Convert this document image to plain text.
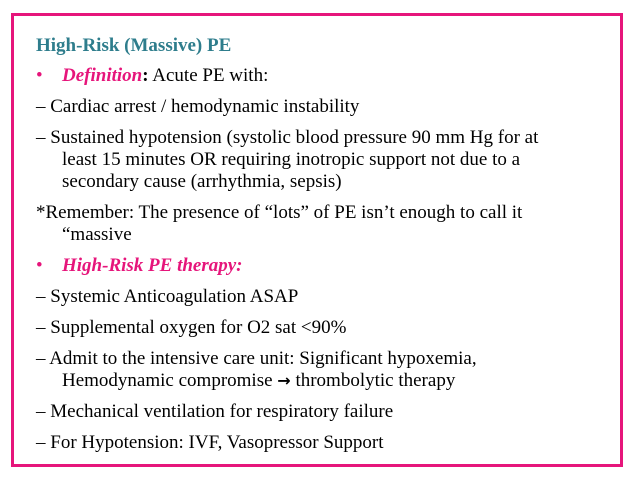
High-Risk (Massive) PE
• Definition: Acute PE with:
– Cardiac arrest / hemodynamic instability
– Sustained hypotension (systolic blood pressure 90 mm Hg for at
least 15 minutes OR requiring inotropic support not due to a
secondary cause (arrhythmia, sepsis)
*Remember: The presence of “lots” of PE isn’t enough to call it
“massive
• High-Risk PE therapy:
– Systemic Anticoagulation ASAP
– Supplemental oxygen for O2 sat <90%
– Admit to the intensive care unit: Significant hypoxemia,
Hemodynamic compromise → thrombolytic therapy
– Mechanical ventilation for respiratory failure
– For Hypotension: IVF, Vasopressor Support
